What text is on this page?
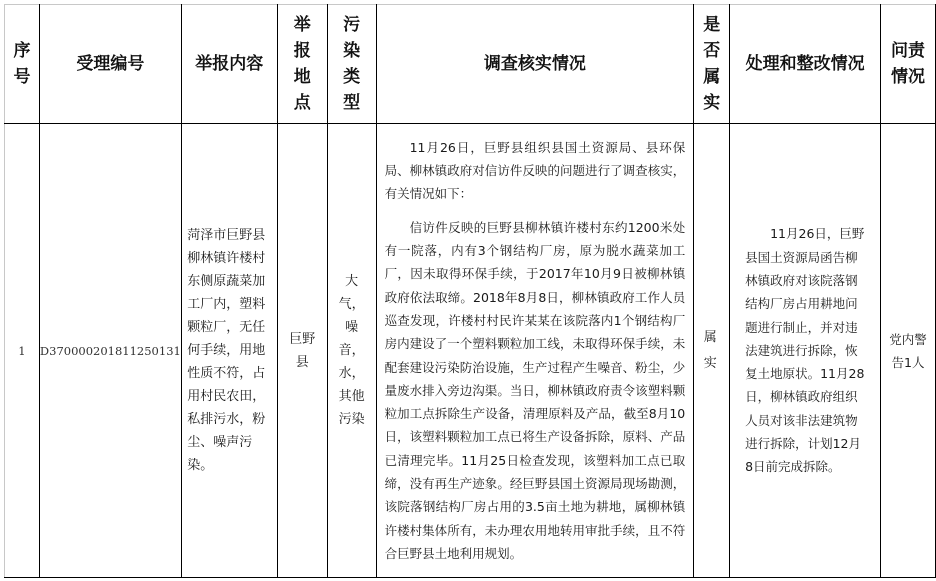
序号	受理编号	举报内容	举报地点	污染类型	调查核实情况	是否属实	处理和整改情况	问责情况
1	D370000201811250131	菏泽市巨野县柳林镇许楼村东侧原蔬菜加工厂内，塑料颗粒厂，无任何手续，用地性质不符，占用村民农田，私排污水，粉尘、噪声污染。	巨野县	大气，噪音，水，其他污染	11月26日，巨野县组织县国土资源局、县环保局、柳林镇政府对信访件反映的问题进行了调查核实，有关情况如下：

信访件反映的巨野县柳林镇许楼村东约1200米处有一院落，内有3个钢结构厂房，原为脱水蔬菜加工厂，因未取得环保手续，于2017年10月9日被柳林镇政府依法取缔。2018年8月8日，柳林镇政府工作人员巡查发现，许楼村村民许某某在该院落内1个钢结构厂房内建设了一个塑料颗粒加工线，未取得环保手续，未配套建设污染防治设施，生产过程产生噪音、粉尘，少量废水排入旁边沟渠。当日，柳林镇政府责令该塑料颗粒加工点拆除生产设备，清理原料及产品，截至8月10日，该塑料颗粒加工点已将生产设备拆除，原料、产品已清理完毕。11月25日检查发现，该塑料加工点已取缔，没有再生产迹象。经巨野县国土资源局现场勘测，该院落钢结构厂房占用的3.5亩土地为耕地，属柳林镇许楼村集体所有，未办理农用地转用审批手续，且不符合巨野县土地利用规划。	属实	11月26日，巨野县国土资源局函告柳林镇政府对该院落钢结构厂房占用耕地问题进行制止，并对违法建筑进行拆除，恢复土地原状。11月28日，柳林镇政府组织人员对该非法建筑物进行拆除，计划12月8日前完成拆除。	党内警告1人
